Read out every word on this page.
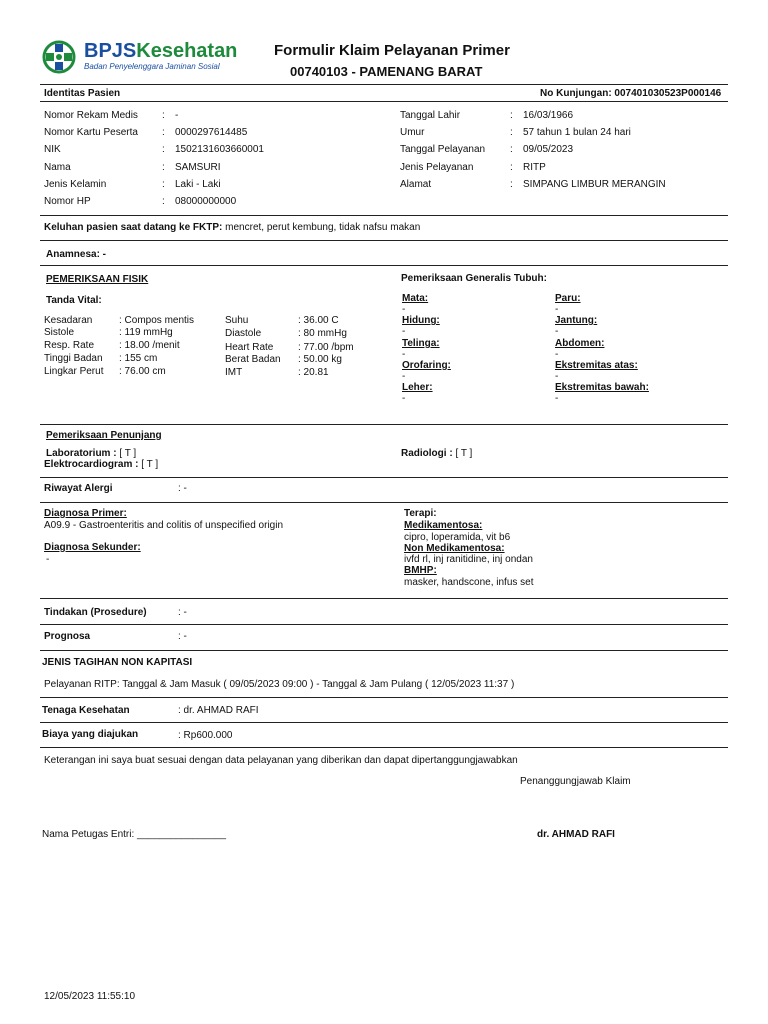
BPJSKesehatan
Badan Penyelenggara Jaminan Sosial
Formulir Klaim Pelayanan Primer
00740103 - PAMENANG BARAT
Identitas Pasien	No Kunjungan: 007401030523P000146
Nomor Rekam Medis : -
Nomor Kartu Peserta : 0000297614485
NIK	: 1502131603660001
Nama	: SAMSURI
Jenis Kelamin	: Laki - Laki
Nomor HP	: 08000000000
Tanggal Lahir	: 16/03/1966
Umur	: 57 tahun 1 bulan 24 hari
Tanggal Pelayanan : 09/05/2023
Jenis Pelayanan	: RITP
Alamat	: SIMPANG LIMBUR MERANGIN
Keluhan pasien saat datang ke FKTP: mencret, perut kembung, tidak nafsu makan
Anamnesa: -
PEMERIKSAAN FISIK
Tanda Vital:
Kesadaran	: Compos mentis
Sistole	: 119 mmHg
Resp. Rate : 18.00 /menit
Tinggi Badan : 155 cm
Lingkar Perut : 76.00 cm
Suhu	: 36.00 C
Diastole	: 80 mmHg
Heart Rate : 77.00 /bpm
Berat Badan : 50.00 kg
IMT	: 20.81
Pemeriksaan Generalis Tubuh:
Mata:
-
Hidung:
-
Telinga:
-
Orofaring:
-
Leher:
-
Paru:
-
Jantung:
-
Abdomen:
-
Ekstremitas atas:
-
Ekstremitas bawah:
-
Pemeriksaan Penunjang
Laboratorium : [ T ]
Elektrocardiogram : [ T ]
Radiologi : [ T ]
Riwayat Alergi	: -
Diagnosa Primer:
A09.9 - Gastroenteritis and colitis of unspecified origin
Diagnosa Sekunder:
-
Terapi:
Medikamentosa:
cipro, loperamida, vit b6
Non Medikamentosa:
ivfd rl, inj ranitidine, inj ondan
BMHP:
masker, handscone, infus set
Tindakan (Prosedure)	: -
Prognosa	: -
JENIS TAGIHAN NON KAPITASI
Pelayanan RITP: Tanggal & Jam Masuk ( 09/05/2023 09:00 ) - Tanggal & Jam Pulang ( 12/05/2023 11:37 )
Tenaga Kesehatan	: dr. AHMAD RAFI
Biaya yang diajukan	: Rp600.000
Keterangan ini saya buat sesuai dengan data pelayanan yang diberikan dan dapat dipertanggungjawabkan
Penanggungjawab Klaim
Nama Petugas Entri: ________________	dr. AHMAD RAFI
12/05/2023 11:55:10
